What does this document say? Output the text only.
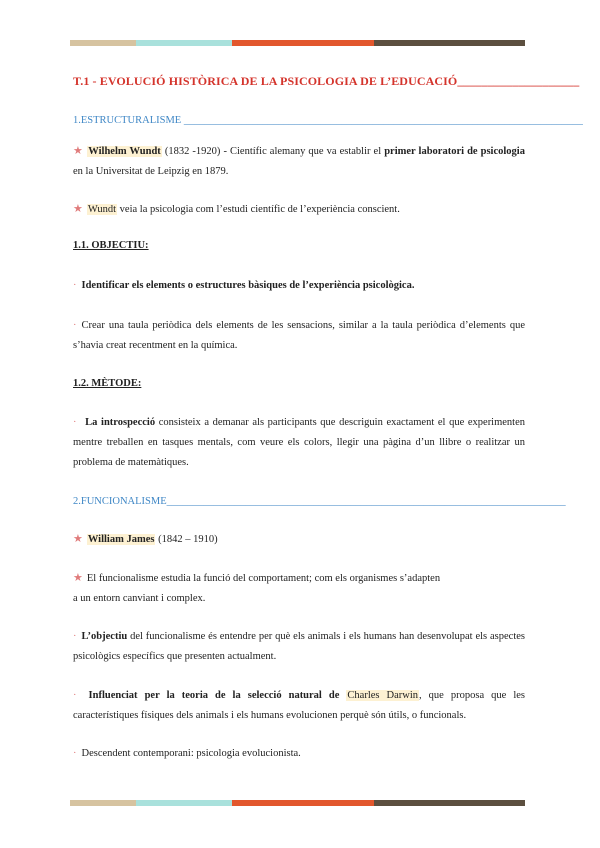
T.1 - EVOLUCIÓ HISTÒRICA DE LA PSICOLOGIA DE L’EDUCACIÓ____________________
1.ESTRUCTURALISME ____________________________________________________________________________
★ Wilhelm Wundt (1832 -1920) - Científic alemany que va establir el primer laboratori de psicologia en la Universitat de Leipzig en 1879.
★ Wundt veia la psicologia com l’estudi científic de l’experiència conscient.
1.1. OBJECTIU:
· Identificar els elements o estructures bàsiques de l’experiència psicològica.
· Crear una taula periòdica dels elements de les sensacions, similar a la taula periòdica d’elements que s’havia creat recentment en la química.
1.2. MÈTODE:
· La introspecció consisteix a demanar als participants que descriguin exactament el que experimenten mentre treballen en tasques mentals, com veure els colors, llegir una pàgina d’un llibre o realitzar un problema de matemàtiques.
2.FUNCIONALISME____________________________________________________________________________
★ William James (1842 – 1910)
★ El funcionalisme estudia la funció del comportament; com els organismes s’adapten
a un entorn canviant i complex.
· L’objectiu del funcionalisme és entendre per què els animals i els humans han desenvolupat els aspectes psicològics específics que presenten actualment.
· Influenciat per la teoria de la selecció natural de Charles Darwin, que proposa que les característiques físiques dels animals i els humans evolucionen perquè són útils, o funcionals.
· Descendent contemporani: psicologia evolucionista.
